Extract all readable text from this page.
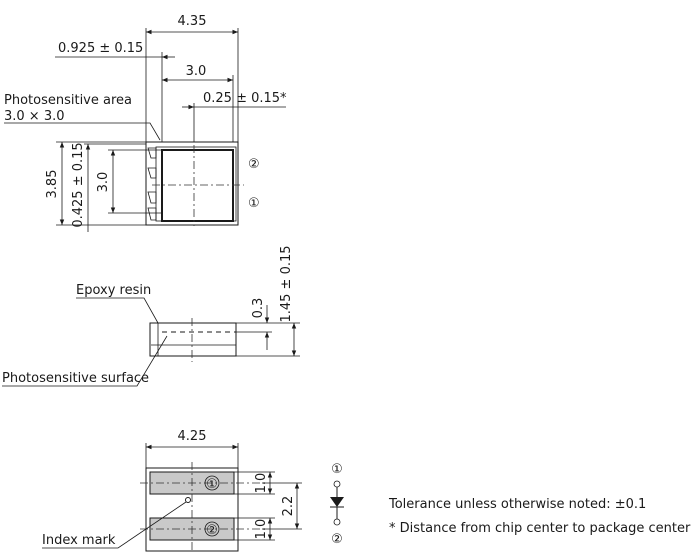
4.35
0.925 ± 0.15
3.0
0.25 ± 0.15*
Photosensitive area
3.0 × 3.0
②
①
3.85 0.425 ± 0.15 3.0
Epoxy resin
Photosensitive surface
0.3 1.45 ± 0.15
4.25
①
②
Index mark
1.0
1.0
2.2
①
②
Tolerance unless otherwise noted: ±0.1
* Distance from chip center to package center
